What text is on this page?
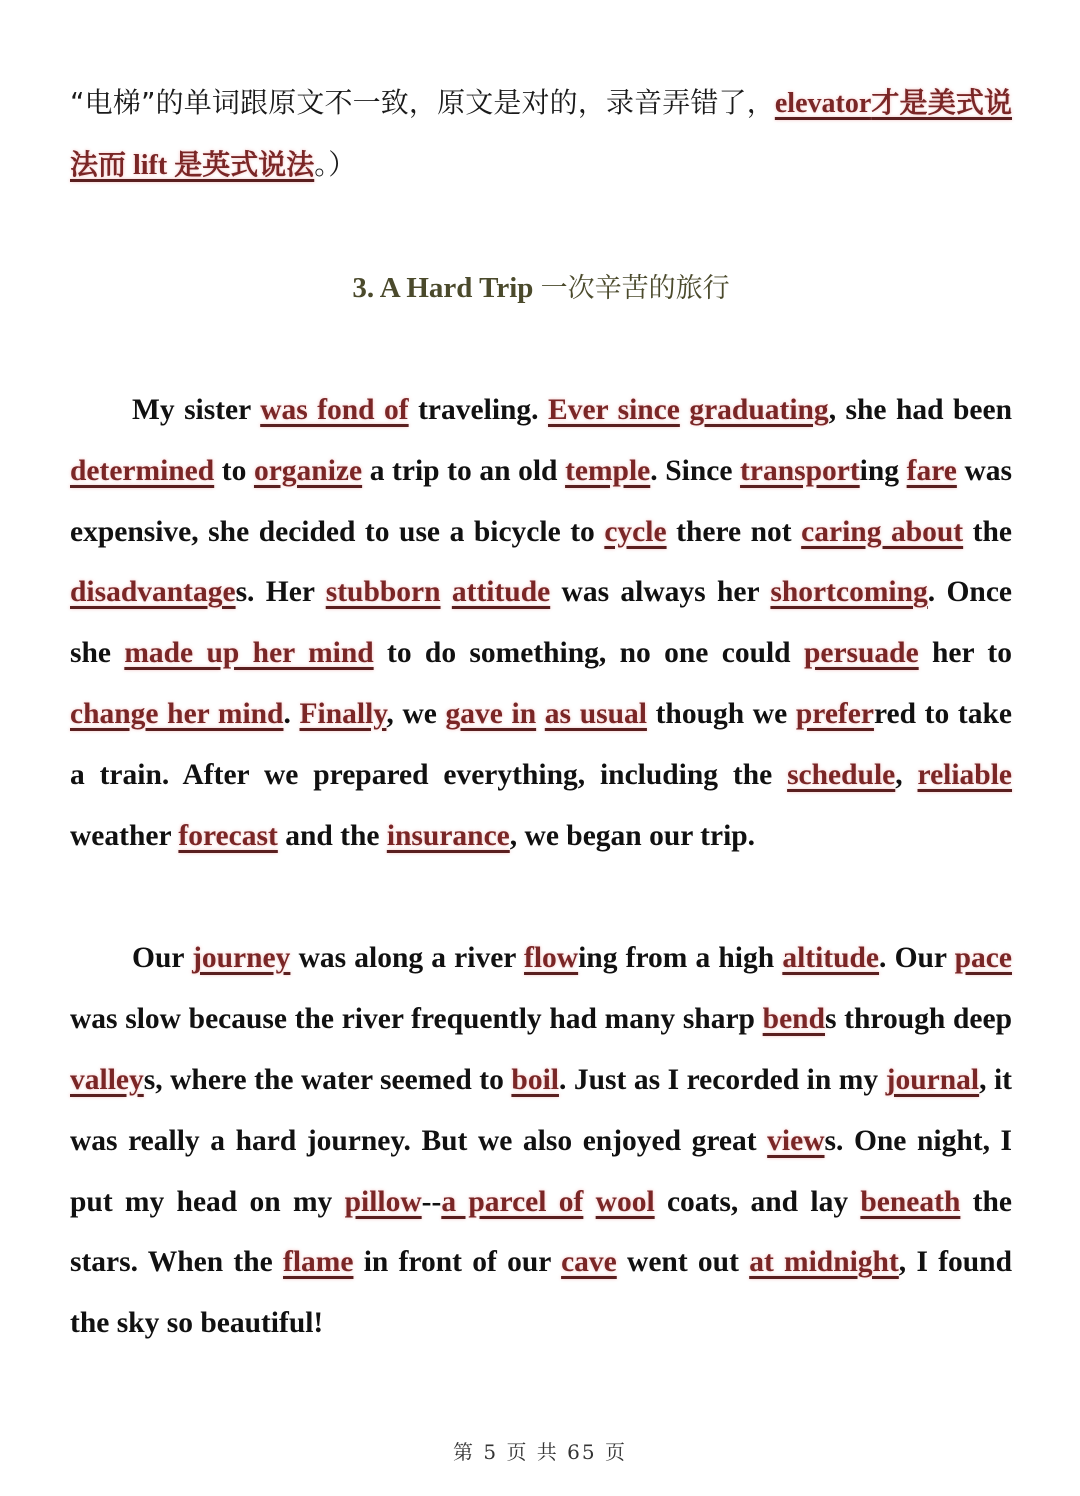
“电梯”的单词跟原文不一致，原文是对的，录音弄错了，elevator才是美式说法而 lift 是英式说法。）

3. A Hard Trip 一次辛苦的旅行

My sister was fond of traveling. Ever since graduating, she had been determined to organize a trip to an old temple. Since transporting fare was expensive, she decided to use a bicycle to cycle there not caring about the disadvantages. Her stubborn attitude was always her shortcoming. Once she made up her mind to do something, no one could persuade her to change her mind. Finally, we gave in as usual though we preferred to take a train. After we prepared everything, including the schedule, reliable weather forecast and the insurance, we began our trip.

Our journey was along a river flowing from a high altitude. Our pace was slow because the river frequently had many sharp bends through deep valleys, where the water seemed to boil. Just as I recorded in my journal, it was really a hard journey. But we also enjoyed great views. One night, I put my head on my pillow--a parcel of wool coats, and lay beneath the stars. When the flame in front of our cave went out at midnight, I found the sky so beautiful!

第 5 页 共 65 页
